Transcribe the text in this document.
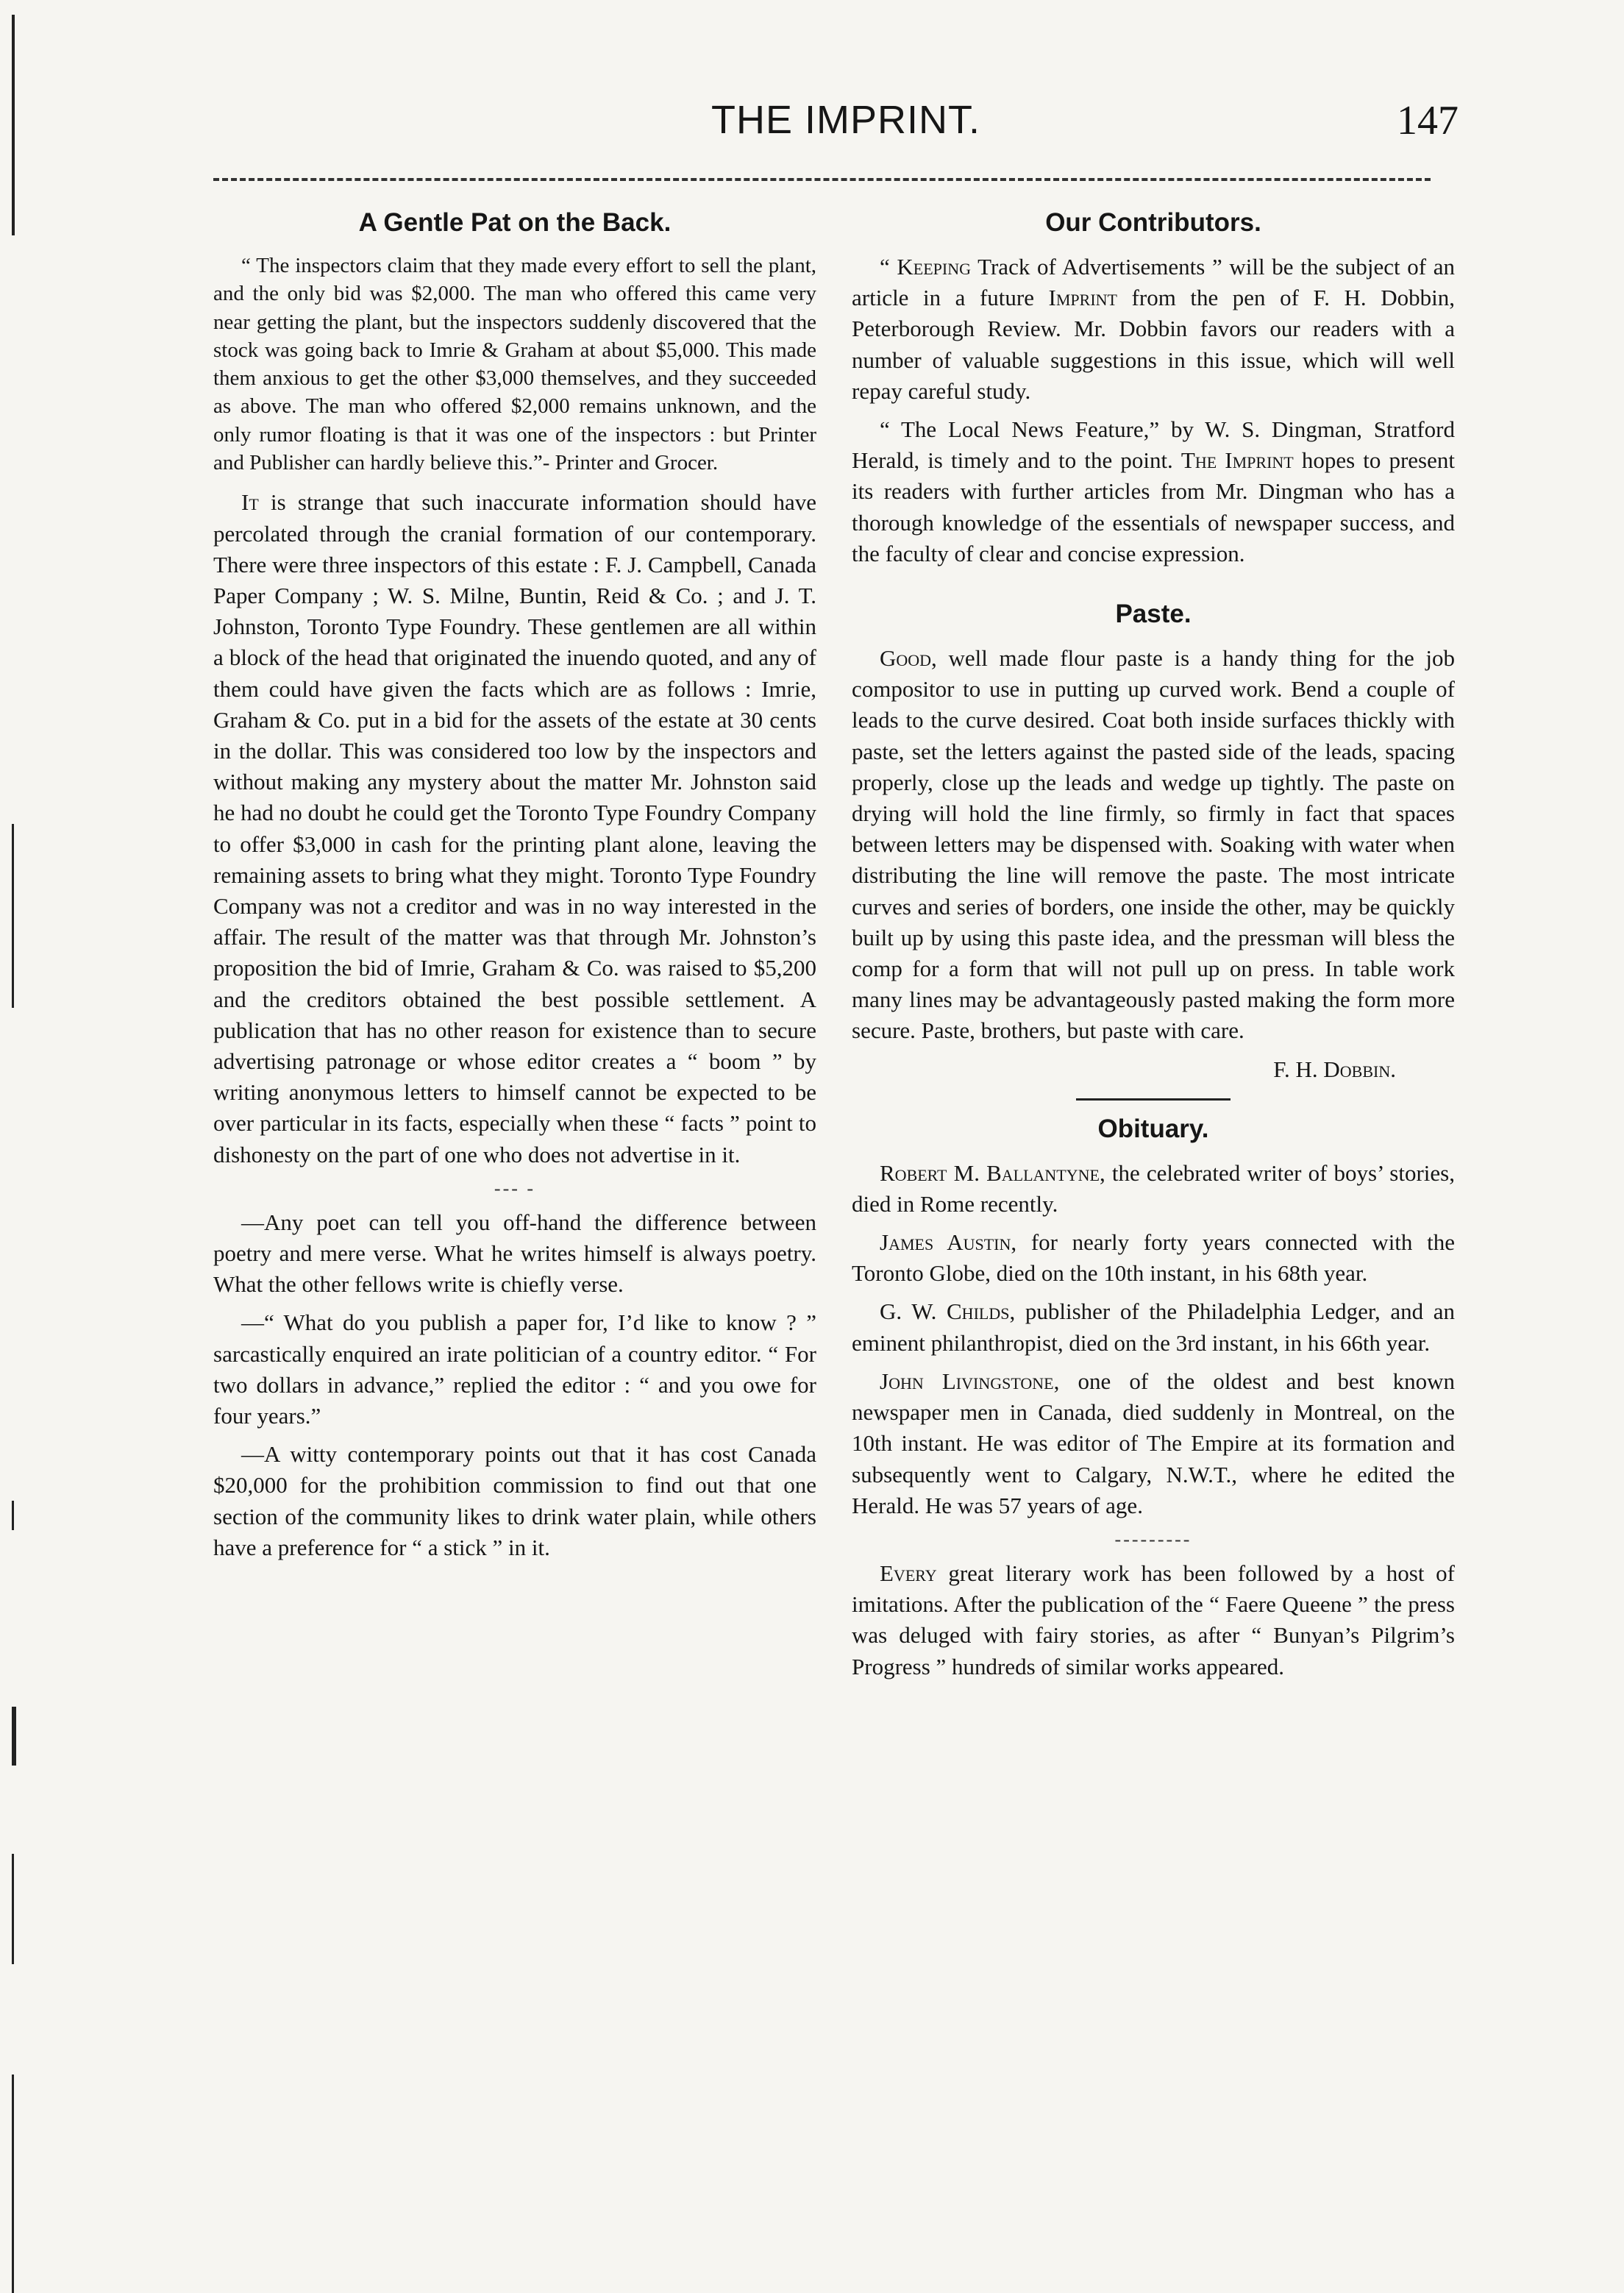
THE IMPRINT.	147
A Gentle Pat on the Back.

“ The inspectors claim that they made every effort to sell the plant, and the only bid was $2,000. The man who offered this came very near getting the plant, but the inspectors suddenly discovered that the stock was going back to Imrie & Graham at about $5,000. This made them anxious to get the other $3,000 themselves, and they succeeded as above. The man who offered $2,000 remains unknown, and the only rumor floating is that it was one of the inspectors : but Printer and Publisher can hardly believe this.”- Printer and Grocer.

It is strange that such inaccurate information should have percolated through the cranial formation of our contemporary. There were three inspectors of this estate : F. J. Campbell, Canada Paper Company ; W. S. Milne, Buntin, Reid & Co. ; and J. T. Johnston, Toronto Type Foundry. These gentlemen are all within a block of the head that originated the inuendo quoted, and any of them could have given the facts which are as follows : Imrie, Graham & Co. put in a bid for the assets of the estate at 30 cents in the dollar. This was considered too low by the inspectors and without making any mystery about the matter Mr. Johnston said he had no doubt he could get the Toronto Type Foundry Company to offer $3,000 in cash for the printing plant alone, leaving the remaining assets to bring what they might. Toronto Type Foundry Company was not a creditor and was in no way interested in the affair. The result of the matter was that through Mr. Johnston’s proposition the bid of Imrie, Graham & Co. was raised to $5,200 and the creditors obtained the best possible settlement. A publication that has no other reason for existence than to secure advertising patronage or whose editor creates a “ boom ” by writing anonymous letters to himself cannot be expected to be over particular in its facts, especially when these “ facts ” point to dishonesty on the part of one who does not advertise in it.

--- -

—Any poet can tell you off-hand the difference between poetry and mere verse. What he writes himself is always poetry. What the other fellows write is chiefly verse.

—“ What do you publish a paper for, I’d like to know ? ” sarcastically enquired an irate politician of a country editor. “ For two dollars in advance,” replied the editor : “ and you owe for four years.”

—A witty contemporary points out that it has cost Canada $20,000 for the prohibition commission to find out that one section of the community likes to drink water plain, while others have a preference for “ a stick ” in it.

Our Contributors.

“ Keeping Track of Advertisements ” will be the subject of an article in a future Imprint from the pen of F. H. Dobbin, Peterborough Review. Mr. Dobbin favors our readers with a number of valuable suggestions in this issue, which will well repay careful study.

“ The Local News Feature,” by W. S. Dingman, Stratford Herald, is timely and to the point. The Imprint hopes to present its readers with further articles from Mr. Dingman who has a thorough knowledge of the essentials of newspaper success, and the faculty of clear and concise expression.

Paste.

Good, well made flour paste is a handy thing for the job compositor to use in putting up curved work. Bend a couple of leads to the curve desired. Coat both inside surfaces thickly with paste, set the letters against the pasted side of the leads, spacing properly, close up the leads and wedge up tightly. The paste on drying will hold the line firmly, so firmly in fact that spaces between letters may be dispensed with. Soaking with water when distributing the line will remove the paste. The most intricate curves and series of borders, one inside the other, may be quickly built up by using this paste idea, and the pressman will bless the comp for a form that will not pull up on press. In table work many lines may be advantageously pasted making the form more secure. Paste, brothers, but paste with care.

F. H. Dobbin.
Obituary.

Robert M. Ballantyne, the celebrated writer of boys’ stories, died in Rome recently.

James Austin, for nearly forty years connected with the Toronto Globe, died on the 10th instant, in his 68th year.

G. W. Childs, publisher of the Philadelphia Ledger, and an eminent philanthropist, died on the 3rd instant, in his 66th year.

John Livingstone, one of the oldest and best known newspaper men in Canada, died suddenly in Montreal, on the 10th instant. He was editor of The Empire at its formation and subsequently went to Calgary, N.W.T., where he edited the Herald. He was 57 years of age.

---------

Every great literary work has been followed by a host of imitations. After the publication of the “ Faere Queene ” the press was deluged with fairy stories, as after “ Bunyan’s Pilgrim’s Progress ” hundreds of similar works appeared.
